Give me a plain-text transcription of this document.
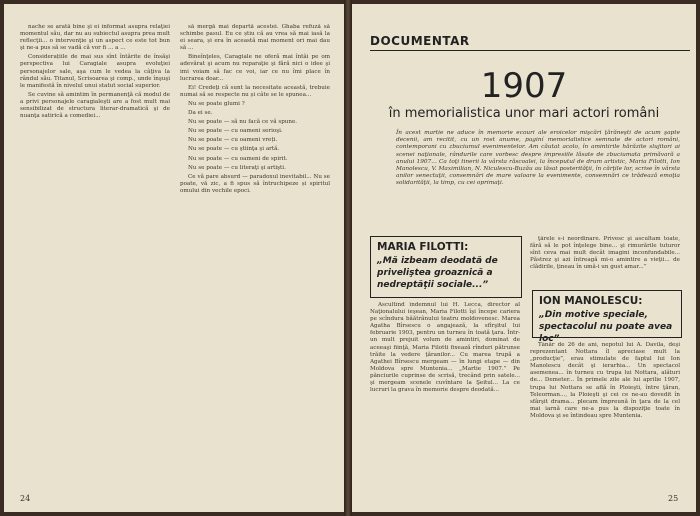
nache se arată bine şi ei informat asupra relaţiei momentul său, dar nu au subiectul asupra prea mult reflecţii... o intervenţie şi un aspect ce este tot bun şi ne-a pus să se vadă că vor fi ... a ...

Considerațiile de mai sus sînt întărite de însăşi perspectiva lui Caragiale asupra evoluţiei personajelor sale, aşa cum le vedea la câţiva la rândul său. Titanul, Scrisoarea şi comp., unde înşuşi le manifestă în nivelul unui statut social superior.

Se cuvine să amintim în permanenţă că modul de a privi personajele caragialeşti are a fost mult mai sensibilizat de structura literar-dramatică şi de nuanţa satirică a comediei...

să mergă mai departă acestei. Ghaba refuză să schimbe pasul. Eu ce știu că au vrea să mai iasă la ei seara, și era în această mai moment ori mai dau să ...

Bineînţeles, Caragiale ne oferă mai întâi pe om adevărat şi acum nu reparaţie şi fără nici o idee şi imi voiam să fac ce voi, iar ce nu îmi place în lucrarea doar...

Ei! Credeţi că sunt la necesitate această, trebuie numai să se respecte nu și câte se le spunea...

Nu se poate glumi ?

Da ei se.

Nu se poate — să nu facă ce vă spune.

Nu se poate — cu oameni serioşi.

Nu se poate — cu oameni vreți.

Nu se poate — cu ştiinţa şi artă.

Nu se poate — cu oameni de spirit.

Nu se poate — cu literaţi şi artişti.

Ce vă pare absurd — paradoxul inevitabil... Nu se poate, vă zic, a fi spus să întruchipeze și spiritul omului din vechile epoci.

24
DOCUMENTAR
1907
în memorialistica unor mari actori români
În acest martie ne aduce în memorie ecouri ale eroicelor mişcări ţărăneşti de acum şapte decenii, am recitit, cu un rost anume, paginí memorialistice semnate de actori români, contemporani cu zbuciumul evenimentelor. Am căutat acolo, în amintirile hărăzite slujitori ai scenei naţionale, rândurile care vorbesc despre impresiile lăsate de zbuciumata primăvară a anului 1907... Ca toţi tinerii la vârsta răscoalei, la începutul de drum artistic, Maria Filotti, Ion Manolescu, V. Maximilian, N. Niculescu-Buzău au lăsat posterităţii, în cărţile lor, scrise în vârsta anilor senectuţii, consemnări de mare valoare la evenimente, consemnări ce trădează emoţia solidarităţii, la timp, cu cei oprimaţi.
MARIA FILOTTI:
„Mă izbeam deodată de priveliştea groaznică a nedreptăţii sociale...”

Ascultînd îndemnul lui H. Lecca, director al Naţionalului ieşean, Maria Filotti îşi începe cariera pe scîndura băătrânului teatru moldovenesc. Marea Agatha Bîrsescu o angajează, la sfîrşitul lui februarie 1903, pentru un turneu în toată ţara. Într-un mult prejuit volum de amintiri, dominat de aceeaşi fiinţă, Maria Filotti fixează rînduri pătrunse trăite la vedere ţăranilor... Cu marea trupă a Agathei Bîrsescu mergeam — în lungi etape — din Moldova spre Muntenia... „Martie 1907.” Pe pănciurile cuprinse de scrisă, trecând prin satele... şi mergeam scenele cuvîntare la Şeitul... La ce lucruri la grava în memorie despre deodată...

ţărele s-i neordinare. Privesc şi ascultam toate, fără să le pot înţelege bine... şi rimurările tuturor sînt ceva mai mult decât imagini inconfundabile... Păstrez şi azi întreagă mi-o amintire a vieţii... de clădirile, ţineau în umă-i un gust amar...”

ION MANOLESCU:
„Din motive speciale, spectacolul nu poate avea loc”

Tânăr de 26 de ani, nepotul lui A. Davila, deşi reprezentant Nottara îl apreciase mult la „producţie”, erau stimulate de faptul lui Ion Manolescu decât şi ierarhia... Un spectacol asemenea... în turneu cu trupa lui Nottara, alături de... Demeter... În primele zile ale lui aprilie 1907, trupa lui Nottara se află în Ploieşti, între ţăran, Teleorman..., la Ploieşti şi cei ce ne-au dovedit în sfârşit drama... plecam împreună în ţara de la cel mai iarnă care ne-a pus la dispoziţie toate în Moldova şi se întindeau spre Muntenia.

25
